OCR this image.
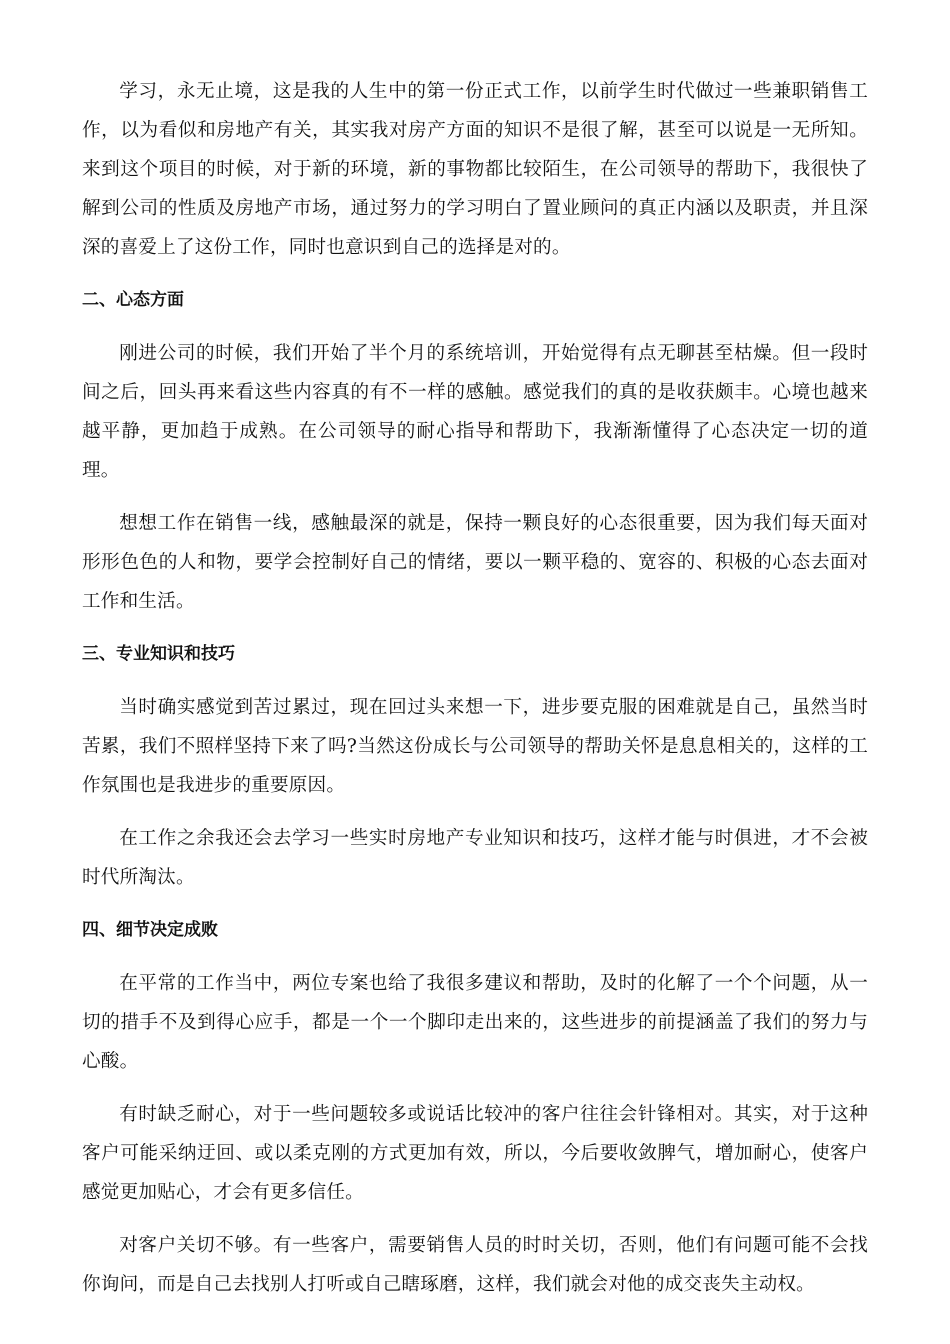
学习，永无止境，这是我的人生中的第一份正式工作，以前学生时代做过一些兼职销售工作，以为看似和房地产有关，其实我对房产方面的知识不是很了解，甚至可以说是一无所知。来到这个项目的时候，对于新的环境，新的事物都比较陌生，在公司领导的帮助下，我很快了解到公司的性质及房地产市场，通过努力的学习明白了置业顾问的真正内涵以及职责，并且深深的喜爱上了这份工作，同时也意识到自己的选择是对的。

二、心态方面

刚进公司的时候，我们开始了半个月的系统培训，开始觉得有点无聊甚至枯燥。但一段时间之后，回头再来看这些内容真的有不一样的感触。感觉我们的真的是收获颇丰。心境也越来越平静，更加趋于成熟。在公司领导的耐心指导和帮助下，我渐渐懂得了心态决定一切的道理。

想想工作在销售一线，感触最深的就是，保持一颗良好的心态很重要，因为我们每天面对形形色色的人和物，要学会控制好自己的情绪，要以一颗平稳的、宽容的、积极的心态去面对工作和生活。

三、专业知识和技巧

当时确实感觉到苦过累过，现在回过头来想一下，进步要克服的困难就是自己，虽然当时苦累，我们不照样坚持下来了吗?当然这份成长与公司领导的帮助关怀是息息相关的，这样的工作氛围也是我进步的重要原因。

在工作之余我还会去学习一些实时房地产专业知识和技巧，这样才能与时俱进，才不会被时代所淘汰。

四、细节决定成败

在平常的工作当中，两位专案也给了我很多建议和帮助，及时的化解了一个个问题，从一切的措手不及到得心应手，都是一个一个脚印走出来的，这些进步的前提涵盖了我们的努力与心酸。

有时缺乏耐心，对于一些问题较多或说话比较冲的客户往往会针锋相对。其实，对于这种客户可能采纳迂回、或以柔克刚的方式更加有效，所以，今后要收敛脾气，增加耐心，使客户感觉更加贴心，才会有更多信任。

对客户关切不够。有一些客户，需要销售人员的时时关切，否则，他们有问题可能不会找你询问，而是自己去找别人打听或自己瞎琢磨，这样，我们就会对他的成交丧失主动权。
